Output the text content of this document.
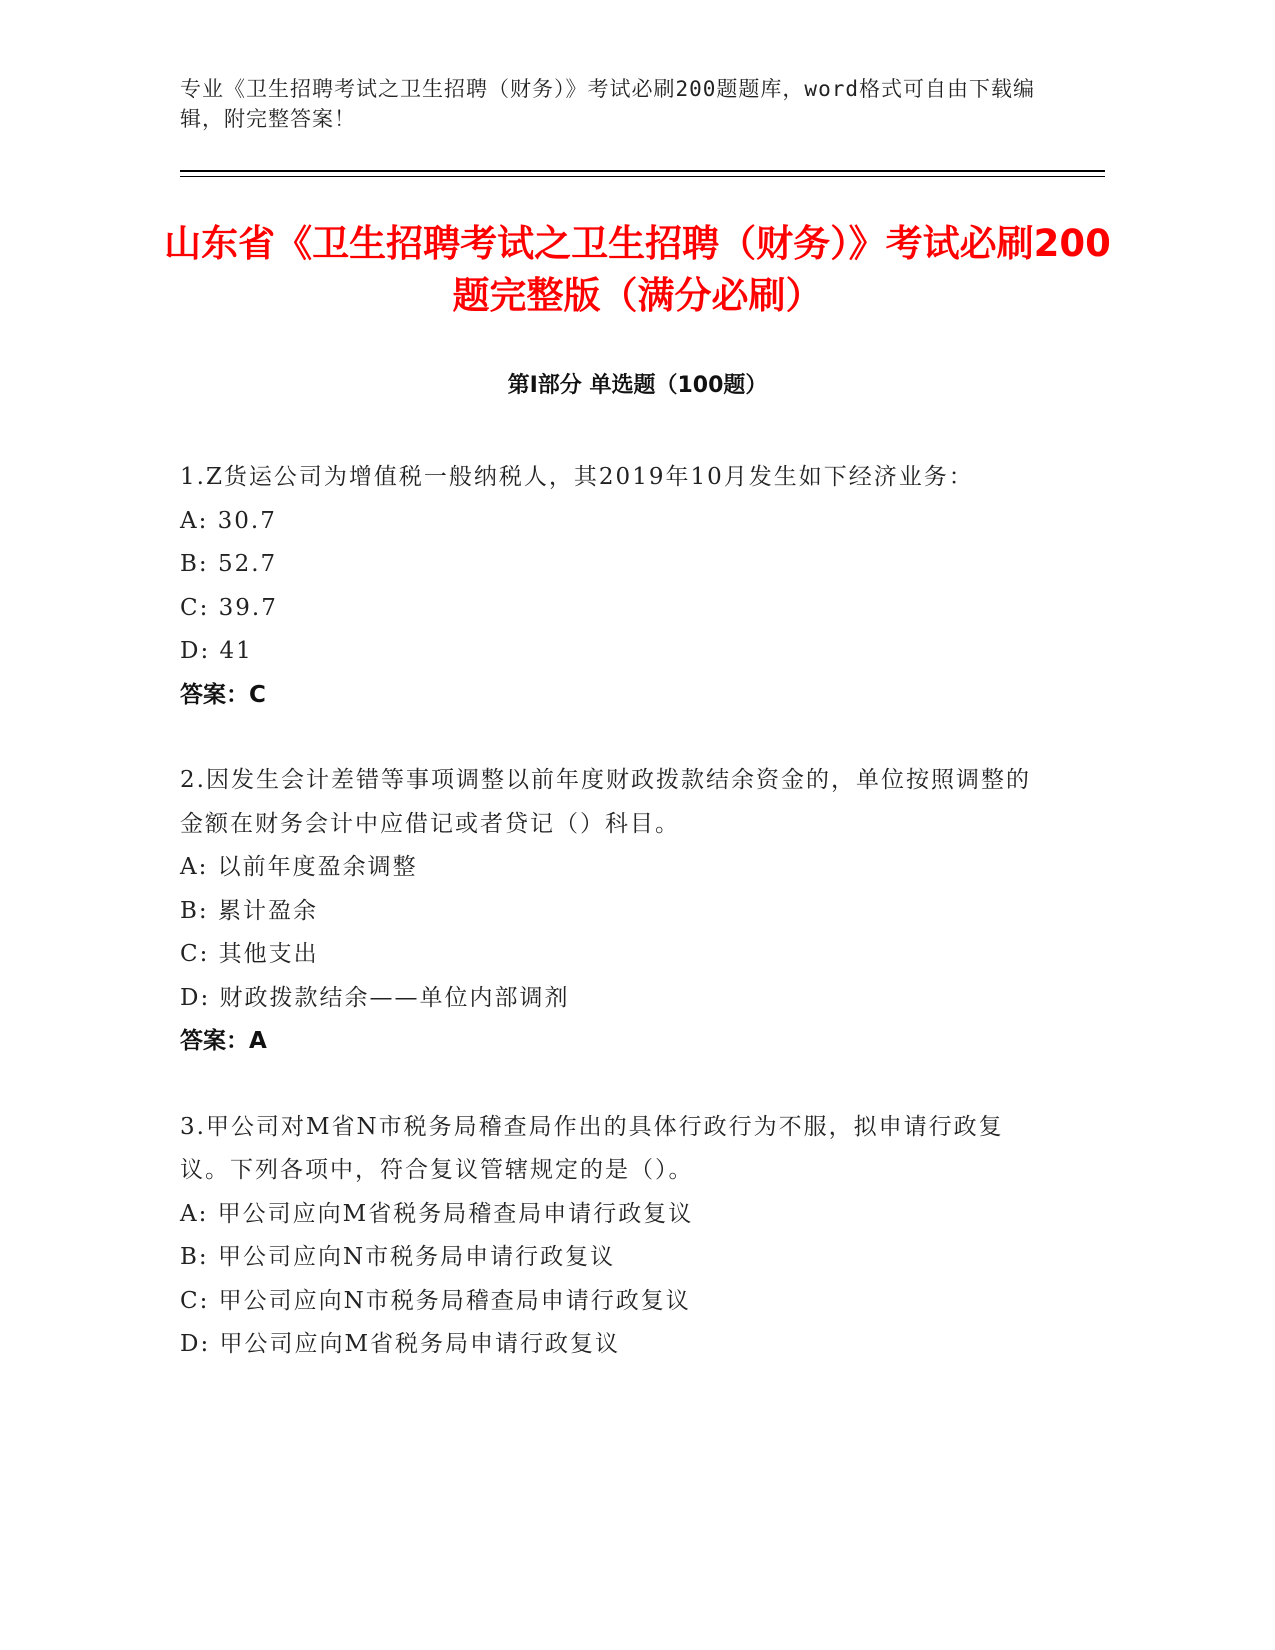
专业《卫生招聘考试之卫生招聘（财务）》考试必刷200题题库，word格式可自由下载编辑，附完整答案！
山东省《卫生招聘考试之卫生招聘（财务）》考试必刷200题完整版（满分必刷）
第I部分 单选题（100题）
1.Z货运公司为增值税一般纳税人，其2019年10月发生如下经济业务：
A: 30.7
B: 52.7
C: 39.7
D: 41
答案：C
2.因发生会计差错等事项调整以前年度财政拨款结余资金的，单位按照调整的金额在财务会计中应借记或者贷记（）科目。
A: 以前年度盈余调整
B: 累计盈余
C: 其他支出
D: 财政拨款结余——单位内部调剂
答案：A
3.甲公司对M省N市税务局稽查局作出的具体行政行为不服，拟申请行政复议。下列各项中，符合复议管辖规定的是（）。
A: 甲公司应向M省税务局稽查局申请行政复议
B: 甲公司应向N市税务局申请行政复议
C: 甲公司应向N市税务局稽查局申请行政复议
D: 甲公司应向M省税务局申请行政复议
